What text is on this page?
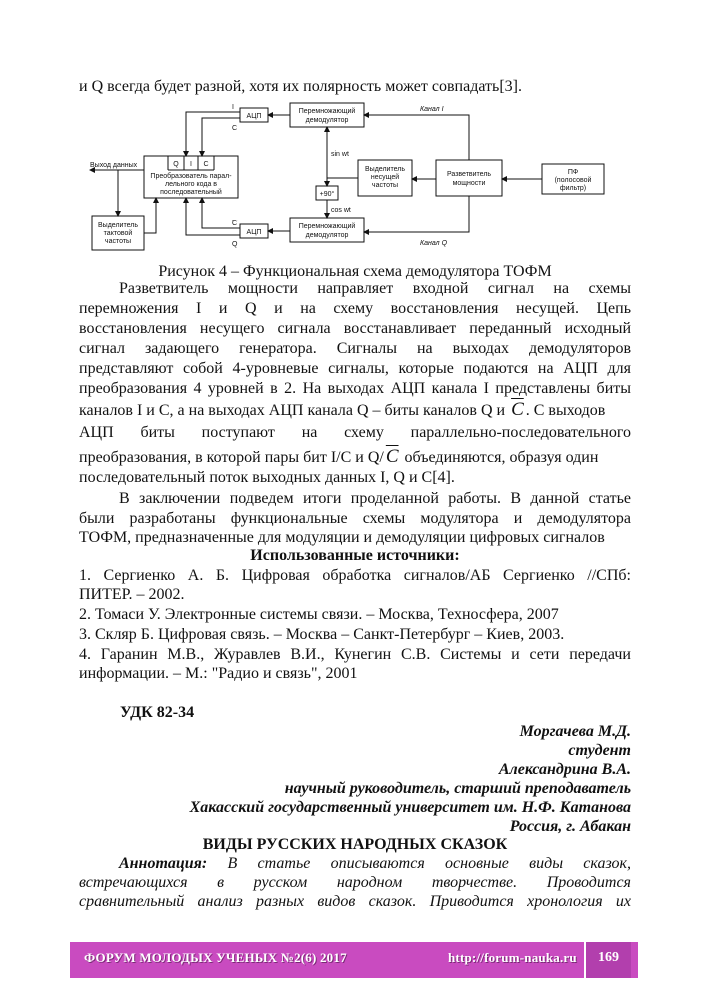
и Q всегда будет разной, хотя их полярность может совпадать[3].
Перемножающий
демодулятор
Перемножающий
демодулятор
АЦП
АЦП
Q I C
Преобразователь парал-
лельного кода в
последовательный
Выделитель
несущей
частоты
Разветвитель
мощности
ПФ
(полосовой
фильтр)
Выделитель
тактовой
частоты
+90°
Выход данных
Канал I
Канал Q
sin wt
cos wt
I
C
C
Q
Рисунок 4 – Функциональная схема демодулятора ТОФМ
Разветвитель мощности направляет входной сигнал на схемы
перемножения I и Q и на схему восстановления несущей. Цепь
восстановления несущего сигнала восстанавливает переданный исходный
сигнал задающего генератора. Сигналы на выходах демодуляторов
представляют собой 4-уровневые сигналы, которые подаются на АЦП для
преобразования 4 уровней в 2. На выходах АЦП канала I представлены биты
каналов I и С, а на выходах АЦП канала Q – биты каналов Q и $\overline{C}$ . С выходов
АЦП биты поступают на схему параллельно-последовательного
преобразования, в которой пары бит I/C и Q/ $\overline{C}$ объединяются, образуя один
последовательный поток выходных данных I, Q и C[4].
В заключении подведем итоги проделанной работы. В данной статье
были разработаны функциональные схемы модулятора и демодулятора
ТОФМ, предназначенные для модуляции и демодуляции цифровых сигналов
Использованные источники:
1. Сергиенко А. Б. Цифровая обработка сигналов/АБ Сергиенко //СПб:
ПИТЕР. – 2002.
2. Томаси У. Электронные системы связи. – Москва, Техносфера, 2007
3. Скляр Б. Цифровая связь. – Москва – Санкт-Петербург – Киев, 2003.
4. Гаранин М.В., Журавлев В.И., Кунегин С.В. Системы и сети передачи
информации. – М.: "Радио и связь", 2001
УДК 82-34
Моргачева М.Д.
студент
Александрина В.А.
научный руководитель, старший преподаватель
Хакасский государственный университет им. Н.Ф. Катанова
Россия, г. Абакан
ВИДЫ РУССКИХ НАРОДНЫХ СКАЗОК
Аннотация: В статье описываются основные виды сказок,
встречающихся в русском народном творчестве. Проводится
сравнительный анализ разных видов сказок. Приводится хронология их
ФОРУМ МОЛОДЫХ УЧЕНЫХ №2(6) 2017	http://forum-nauka.ru	169
